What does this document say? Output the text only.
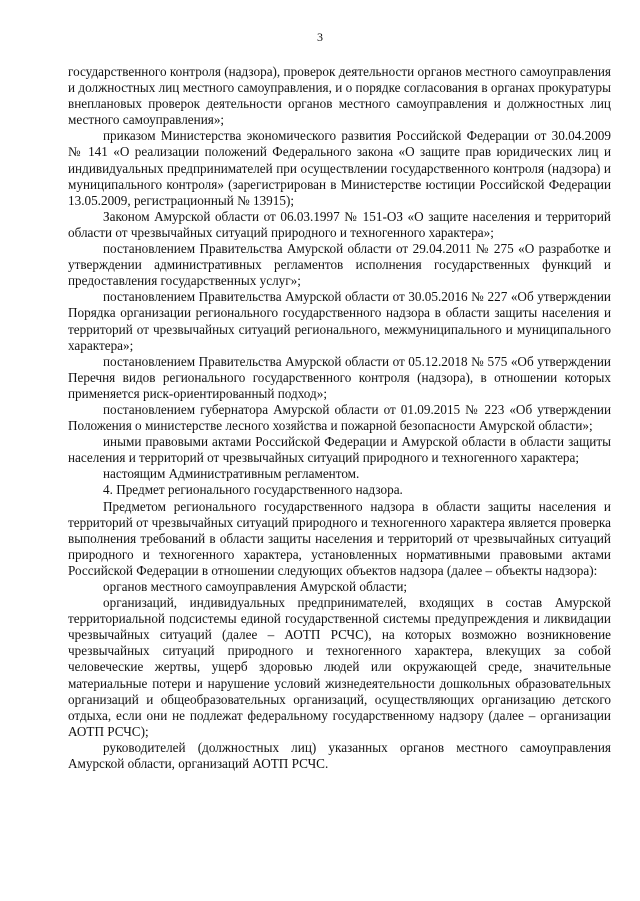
3

государственного контроля (надзора), проверок деятельности органов местного самоуправления и должностных лиц местного самоуправления, и о порядке согласования в органах прокуратуры внеплановых проверок деятельности органов местного самоуправления и должностных лиц местного самоуправления»;

приказом Министерства экономического развития Российской Федерации от 30.04.2009 № 141 «О реализации положений Федерального закона «О защите прав юридических лиц и индивидуальных предпринимателей при осуществлении государственного контроля (надзора) и муниципального контроля» (зарегистрирован в Министерстве юстиции Российской Федерации 13.05.2009, регистрационный № 13915);

Законом Амурской области от 06.03.1997 № 151-ОЗ «О защите населения и территорий области от чрезвычайных ситуаций природного и техногенного характера»;

постановлением Правительства Амурской области от 29.04.2011 № 275 «О разработке и утверждении административных регламентов исполнения государственных функций и предоставления государственных услуг»;

постановлением Правительства Амурской области от 30.05.2016 № 227 «Об утверждении Порядка организации регионального государственного надзора в области защиты населения и территорий от чрезвычайных ситуаций регионального, межмуниципального и муниципального характера»;

постановлением Правительства Амурской области от 05.12.2018 № 575 «Об утверждении Перечня видов регионального государственного контроля (надзора), в отношении которых применяется риск-ориентированный подход»;

постановлением губернатора Амурской области от 01.09.2015 № 223 «Об утверждении Положения о министерстве лесного хозяйства и пожарной безопасности Амурской области»;

иными правовыми актами Российской Федерации и Амурской области в области защиты населения и территорий от чрезвычайных ситуаций природного и техногенного характера;

настоящим Административным регламентом.

4. Предмет регионального государственного надзора.

Предметом регионального государственного надзора в области защиты населения и территорий от чрезвычайных ситуаций природного и техногенного характера является проверка выполнения требований в области защиты населения и территорий от чрезвычайных ситуаций природного и техногенного характера, установленных нормативными правовыми актами Российской Федерации в отношении следующих объектов надзора (далее – объекты надзора):

органов местного самоуправления Амурской области;

организаций, индивидуальных предпринимателей, входящих в состав Амурской территориальной подсистемы единой государственной системы предупреждения и ликвидации чрезвычайных ситуаций (далее – АОТП РСЧС), на которых возможно возникновение чрезвычайных ситуаций природного и техногенного характера, влекущих за собой человеческие жертвы, ущерб здоровью людей или окружающей среде, значительные материальные потери и нарушение условий жизнедеятельности дошкольных образовательных организаций и общеобразовательных организаций, осуществляющих организацию детского отдыха, если они не подлежат федеральному государственному надзору (далее – организации АОТП РСЧС);

руководителей (должностных лиц) указанных органов местного самоуправления Амурской области, организаций АОТП РСЧС.
